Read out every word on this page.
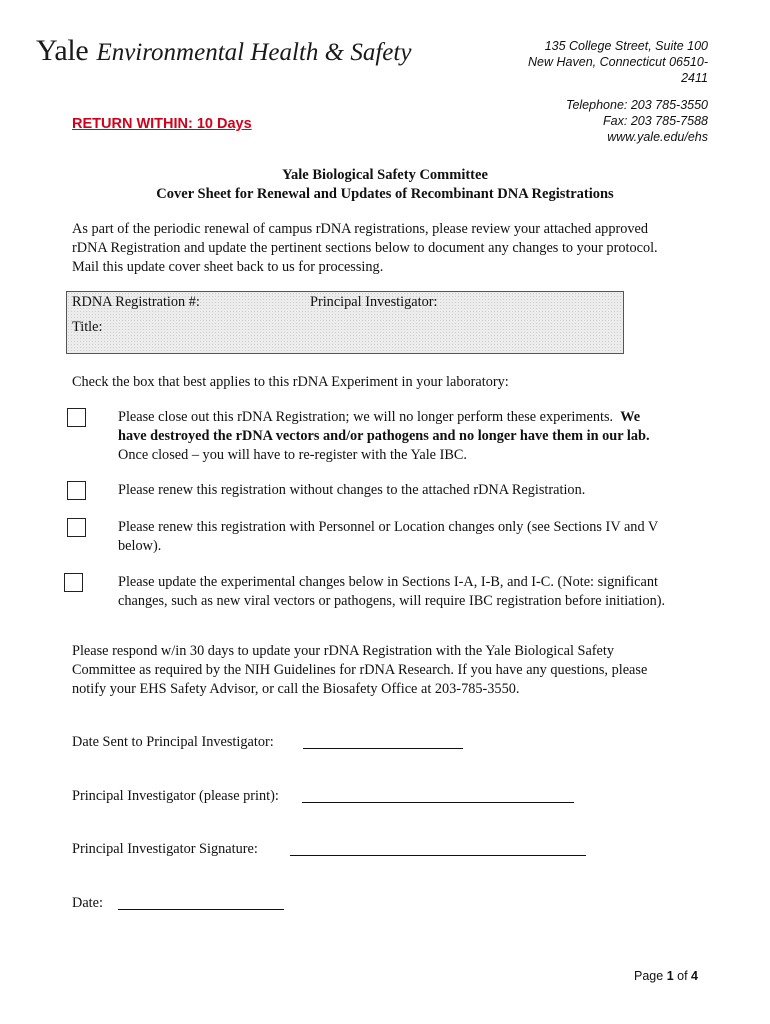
Yale Environmental Health & Safety	135 College Street, Suite 100
New Haven, Connecticut 06510-
2411
Telephone: 203 785-3550
Fax: 203 785-7588
www.yale.edu/ehs
RETURN WITHIN: 10 Days
Yale Biological Safety Committee
Cover Sheet for Renewal and Updates of Recombinant DNA Registrations
As part of the periodic renewal of campus rDNA registrations, please review your attached approved
rDNA Registration and update the pertinent sections below to document any changes to your protocol.
Mail this update cover sheet back to us for processing.
RDNA Registration #:	Principal Investigator:
Title:
Check the box that best applies to this rDNA Experiment in your laboratory:
Please close out this rDNA Registration; we will no longer perform these experiments. We
have destroyed the rDNA vectors and/or pathogens and no longer have them in our lab.
Once closed – you will have to re-register with the Yale IBC.
Please renew this registration without changes to the attached rDNA Registration.
Please renew this registration with Personnel or Location changes only (see Sections IV and V
below).
Please update the experimental changes below in Sections I-A, I-B, and I-C. (Note: significant
changes, such as new viral vectors or pathogens, will require IBC registration before initiation).
Please respond w/in 30 days to update your rDNA Registration with the Yale Biological Safety
Committee as required by the NIH Guidelines for rDNA Research. If you have any questions, please
notify your EHS Safety Advisor, or call the Biosafety Office at 203-785-3550.
Date Sent to Principal Investigator:
Principal Investigator (please print):
Principal Investigator Signature:
Date:
Page 1 of 4
